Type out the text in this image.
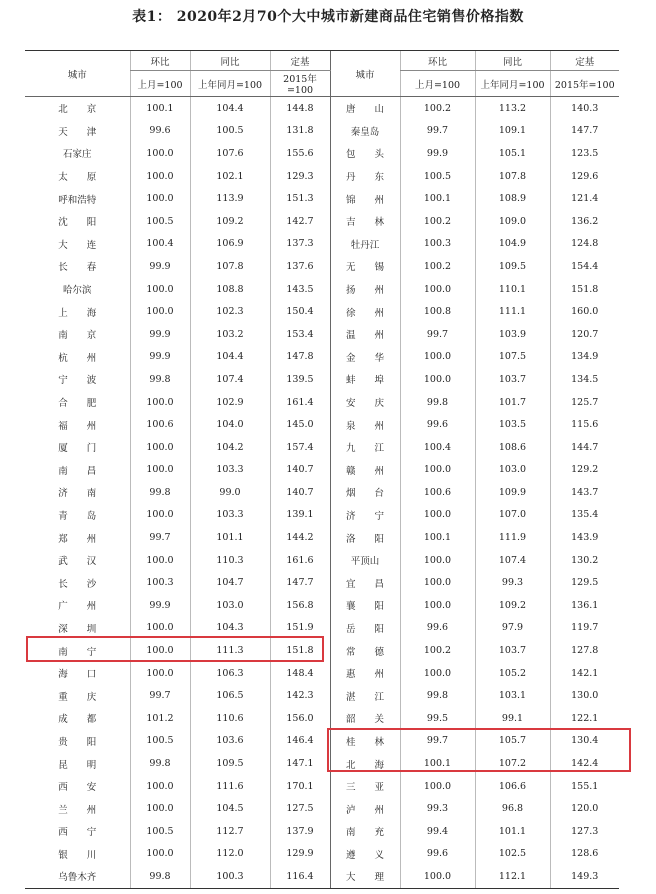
表1： 2020年2月70个大中城市新建商品住宅销售价格指数
城市	环比	同比	定基	城市	环比	同比	定基
	上月=100	上年同月=100	2015年=100		上月=100	上年同月=100	2015年=100
北　　京	100.1	104.4	144.8	唐　　山	100.2	113.2	140.3
天　　津	99.6	100.5	131.8	秦皇岛	99.7	109.1	147.7
石家庄	100.0	107.6	155.6	包　　头	99.9	105.1	123.5
太　　原	100.0	102.1	129.3	丹　　东	100.5	107.8	129.6
呼和浩特	100.0	113.9	151.3	锦　　州	100.1	108.9	121.4
沈　　阳	100.5	109.2	142.7	吉　　林	100.2	109.0	136.2
大　　连	100.4	106.9	137.3	牡丹江	100.3	104.9	124.8
长　　春	99.9	107.8	137.6	无　　锡	100.2	109.5	154.4
哈尔滨	100.0	108.8	143.5	扬　　州	100.0	110.1	151.8
上　　海	100.0	102.3	150.4	徐　　州	100.8	111.1	160.0
南　　京	99.9	103.2	153.4	温　　州	99.7	103.9	120.7
杭　　州	99.9	104.4	147.8	金　　华	100.0	107.5	134.9
宁　　波	99.8	107.4	139.5	蚌　　埠	100.0	103.7	134.5
合　　肥	100.0	102.9	161.4	安　　庆	99.8	101.7	125.7
福　　州	100.6	104.0	145.0	泉　　州	99.6	103.5	115.6
厦　　门	100.0	104.2	157.4	九　　江	100.4	108.6	144.7
南　　昌	100.0	103.3	140.7	赣　　州	100.0	103.0	129.2
济　　南	99.8	99.0	140.7	烟　　台	100.6	109.9	143.7
青　　岛	100.0	103.3	139.1	济　　宁	100.0	107.0	135.4
郑　　州	99.7	101.1	144.2	洛　　阳	100.1	111.9	143.9
武　　汉	100.0	110.3	161.6	平顶山	100.0	107.4	130.2
长　　沙	100.3	104.7	147.7	宜　　昌	100.0	99.3	129.5
广　　州	99.9	103.0	156.8	襄　　阳	100.0	109.2	136.1
深　　圳	100.0	104.3	151.9	岳　　阳	99.6	97.9	119.7
南　　宁	100.0	111.3	151.8	常　　德	100.2	103.7	127.8
海　　口	100.0	106.3	148.4	惠　　州	100.0	105.2	142.1
重　　庆	99.7	106.5	142.3	湛　　江	99.8	103.1	130.0
成　　都	101.2	110.6	156.0	韶　　关	99.5	99.1	122.1
贵　　阳	100.5	103.6	146.4	桂　　林	99.7	105.7	130.4
昆　　明	99.8	109.5	147.1	北　　海	100.1	107.2	142.4
西　　安	100.0	111.6	170.1	三　　亚	100.0	106.6	155.1
兰　　州	100.0	104.5	127.5	泸　　州	99.3	96.8	120.0
西　　宁	100.5	112.7	137.9	南　　充	99.4	101.1	127.3
银　　川	100.0	112.0	129.9	遵　　义	99.6	102.5	128.6
乌鲁木齐	99.8	100.3	116.4	大　　理	100.0	112.1	149.3
